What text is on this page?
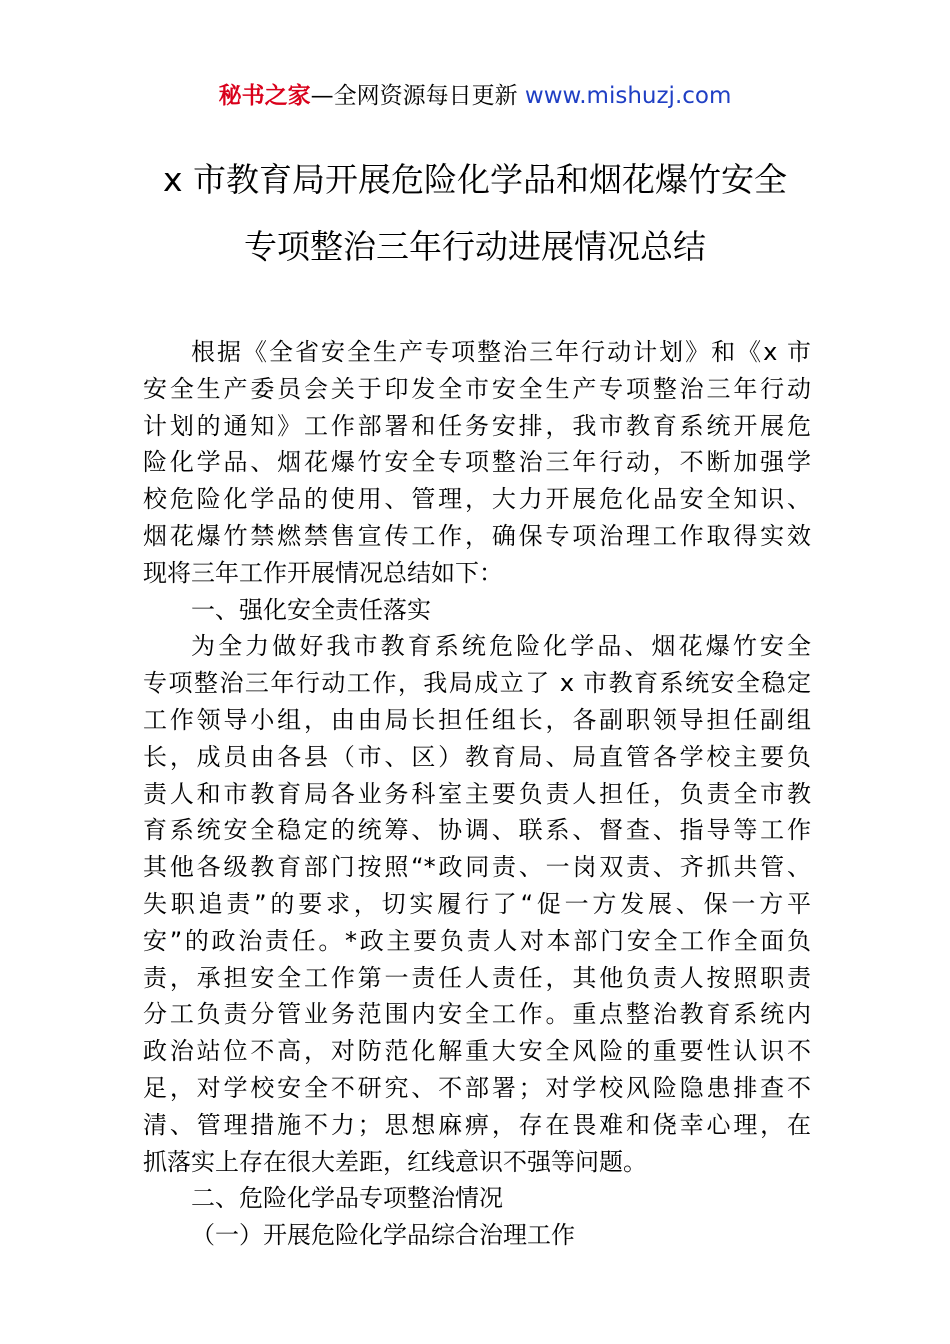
秘书之家—全网资源每日更新 www.mishuzj.com
x 市教育局开展危险化学品和烟花爆竹安全
专项整治三年行动进展情况总结
根据《全省安全生产专项整治三年行动计划》和《x 市
安全生产委员会关于印发全市安全生产专项整治三年行动
计划的通知》工作部署和任务安排，我市教育系统开展危
险化学品、烟花爆竹安全专项整治三年行动，不断加强学
校危险化学品的使用、管理，大力开展危化品安全知识、
烟花爆竹禁燃禁售宣传工作，确保专项治理工作取得实效
现将三年工作开展情况总结如下：
一、强化安全责任落实
为全力做好我市教育系统危险化学品、烟花爆竹安全
专项整治三年行动工作，我局成立了 x 市教育系统安全稳定
工作领导小组，由由局长担任组长，各副职领导担任副组
长，成员由各县（市、区）教育局、局直管各学校主要负
责人和市教育局各业务科室主要负责人担任，负责全市教
育系统安全稳定的统筹、协调、联系、督查、指导等工作
其他各级教育部门按照“*政同责、一岗双责、齐抓共管、
失职追责”的要求，切实履行了“促一方发展、保一方平
安”的政治责任。*政主要负责人对本部门安全工作全面负
责，承担安全工作第一责任人责任，其他负责人按照职责
分工负责分管业务范围内安全工作。重点整治教育系统内
政治站位不高，对防范化解重大安全风险的重要性认识不
足，对学校安全不研究、不部署；对学校风险隐患排查不
清、管理措施不力；思想麻痹，存在畏难和侥幸心理，在
抓落实上存在很大差距，红线意识不强等问题。
二、危险化学品专项整治情况
（一）开展危险化学品综合治理工作
